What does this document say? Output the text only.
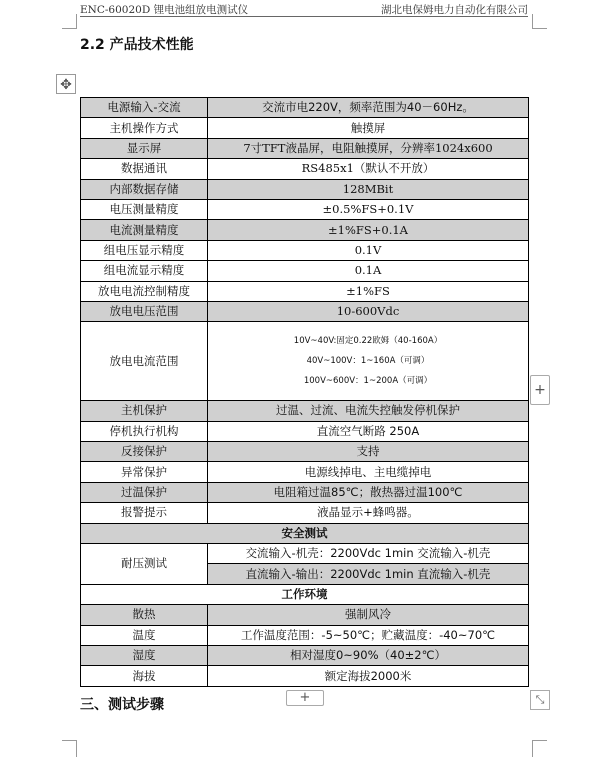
ENC-60020D 锂电池组放电测试仪	湖北电保姆电力自动化有限公司
2.2 产品技术性能
✥
电源输入-交流	交流市电220V，频率范围为40－60Hz。
主机操作方式	触摸屏
显示屏	7寸TFT液晶屏，电阻触摸屏，分辨率1024x600
数据通讯	RS485x1（默认不开放）
内部数据存储	128MBit
电压测量精度	±0.5%FS+0.1V
电流测量精度	±1%FS+0.1A
组电压显示精度	0.1V
组电流显示精度	0.1A
放电电流控制精度	±1%FS
放电电压范围	10-600Vdc
放电电流范围	10V~40V:固定0.22欧姆（40-160A）
40V~100V：1~160A（可调）
100V~600V：1~200A（可调）

主机保护	过温、过流、电流失控触发停机保护
停机执行机构	直流空气断路 250A
反接保护	支持
异常保护	电源线掉电、主电缆掉电
过温保护	电阻箱过温85℃；散热器过温100℃
报警提示	液晶显示+蜂鸣器。
安全测试	
耐压测试	交流输入-机壳：2200Vdc 1min 交流输入-机壳
	直流输入-输出：2200Vdc 1min 直流输入-机壳
工作环境	
散热	强制风冷
温度	工作温度范围：-5~50℃；贮藏温度：-40~70℃
湿度	相对湿度0~90%（40±2℃）
海拔	额定海拔2000米
+
+	⤡
三、测试步骤
